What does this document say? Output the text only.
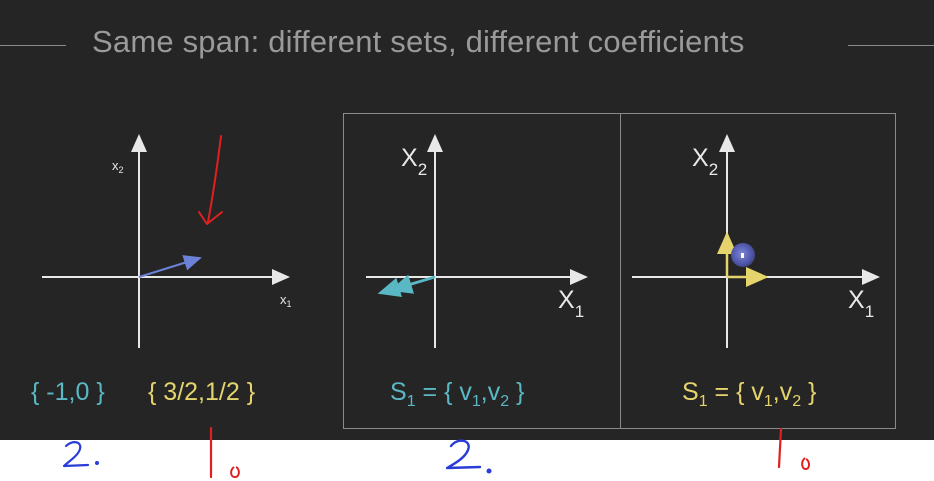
Same span: different sets, different coefficients
$x_2$
$x_1$
$X_2$
$X_1$
$X_2$
$X_1$
{ -1,0 } { 3/2,1/2 }	$S_1$ = { $v_1,v_2$ }	$S_1$ = { $v_1,v_2$ }
